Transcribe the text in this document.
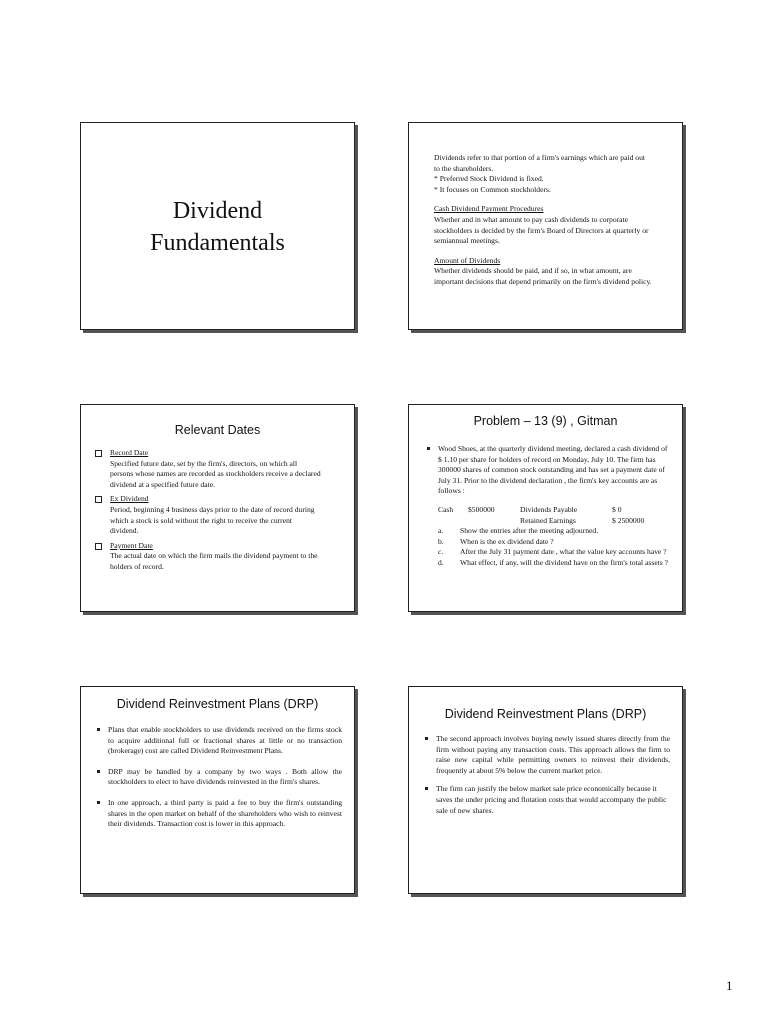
Dividend
Fundamentals

Dividends refer to that portion of a firm's earnings which are paid out to the shareholders.
* Preferred Stock Dividend is fixed.
* It focuses on Common stockholders.

Cash Dividend Payment Procedures
Whether and in what amount to pay cash dividends to corporate stockholders is decided by the firm's Board of Directors at quarterly or semiannual meetings.

Amount of Dividends
Whether dividends should be paid, and if so, in what amount, are important decisions that depend primarily on the firm's dividend policy.

Relevant Dates
Record Date
Specified future date, set by the firm's, directors, on which all persons whose names are recorded as stockholders receive a declared dividend at a specified future date.
Ex Dividend
Period, beginning 4 business days prior to the date of record during which a stock is sold without the right to receive the current dividend.
Payment Date
The actual date on which the firm mails the dividend payment to the holders of record.
Problem – 13 (9) , Gitman
Wood Shoes, at the quarterly dividend meeting, declared a cash dividend of $ 1.10 per share for holders of record on Monday, July 10. The firm has 300000 shares of common stock outstanding and has set a payment date of July 31. Prior to the dividend declaration , the firm's key accounts are as follows :
Cash	$500000	Dividends Payable	$ 0
Retained Earnings	$ 2500000
a.	Show the entries after the meeting adjourned.
b.	When is the ex dividend date ?
c.	After the July 31 payment date , what the value key accounts have ?
d.	What effect, if any, will the dividend have on the firm's total assets ?
Dividend Reinvestment Plans (DRP)
Plans that enable stockholders to use dividends received on the firms stock to acquire additional full or fractional shares at little or no transaction (brokerage) cost are called Dividend Reinvestment Plans.
DRP may be handled by a company by two ways . Both allow the stockholders to elect to have dividends reinvested in the firm's shares.
In one approach, a third party is paid a fee to buy the firm's outstanding shares in the open market on behalf of the shareholders who wish to reinvest their dividends. Transaction cost is lower in this approach.
Dividend Reinvestment Plans (DRP)
The second approach involves buying newly issued shares directly from the firm without paying any transaction costs. This approach allows the firm to raise new capital while permitting owners to reinvest their dividends, frequently at about 5% below the current market price.
The firm can justify the below market sale price economically because it saves the under pricing and flotation costs that would accompany the public sale of new shares.
1
